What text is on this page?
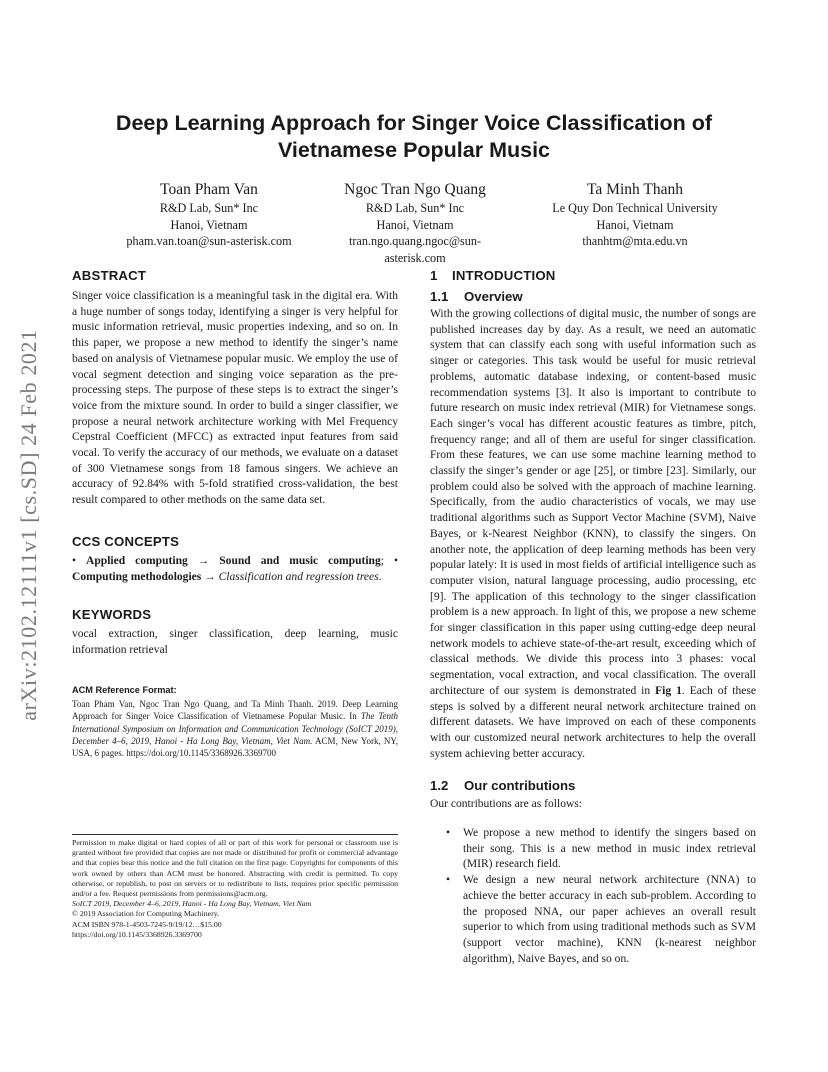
arXiv:2102.12111v1 [cs.SD] 24 Feb 2021
Deep Learning Approach for Singer Voice Classification of
Vietnamese Popular Music
Toan Pham Van
R&D Lab, Sun* Inc
Hanoi, Vietnam
pham.van.toan@sun-asterisk.com
Ngoc Tran Ngo Quang
R&D Lab, Sun* Inc
Hanoi, Vietnam
tran.ngo.quang.ngoc@sun-
asterisk.com
Ta Minh Thanh
Le Quy Don Technical University
Hanoi, Vietnam
thanhtm@mta.edu.vn
ABSTRACT
Singer voice classification is a meaningful task in the digital era. With a huge number of songs today, identifying a singer is very helpful for music information retrieval, music properties indexing, and so on. In this paper, we propose a new method to identify the singer’s name based on analysis of Vietnamese popular music. We employ the use of vocal segment detection and singing voice separation as the pre-processing steps. The purpose of these steps is to extract the singer’s voice from the mixture sound. In order to build a singer classifier, we propose a neural network architecture working with Mel Frequency Cepstral Coefficient (MFCC) as extracted input features from said vocal. To verify the accuracy of our methods, we evaluate on a dataset of 300 Vietnamese songs from 18 famous singers. We achieve an accuracy of 92.84% with 5-fold stratified cross-validation, the best result compared to other methods on the same data set.
CCS CONCEPTS
• Applied computing → Sound and music computing; • Computing methodologies → Classification and regression trees.
KEYWORDS
vocal extraction, singer classification, deep learning, music information retrieval
ACM Reference Format:
Toan Pham Van, Ngoc Tran Ngo Quang, and Ta Minh Thanh. 2019. Deep Learning Approach for Singer Voice Classification of Vietnamese Popular Music. In The Tenth International Symposium on Information and Communication Technology (SoICT 2019), December 4–6, 2019, Hanoi - Ha Long Bay, Vietnam, Viet Nam. ACM, New York, NY, USA, 6 pages. https://doi.org/10.1145/3368926.3369700
Permission to make digital or hard copies of all or part of this work for personal or classroom use is granted without fee provided that copies are not made or distributed for profit or commercial advantage and that copies bear this notice and the full citation on the first page. Copyrights for components of this work owned by others than ACM must be honored. Abstracting with credit is permitted. To copy otherwise, or republish, to post on servers or to redistribute to lists, requires prior specific permission and/or a fee. Request permissions from permissions@acm.org.
SoICT 2019, December 4–6, 2019, Hanoi - Ha Long Bay, Vietnam, Viet Nam
© 2019 Association for Computing Machinery.
ACM ISBN 978-1-4503-7245-9/19/12…$15.00
https://doi.org/10.1145/3368926.3369700
1 INTRODUCTION
1.1 Overview
With the growing collections of digital music, the number of songs are published increases day by day. As a result, we need an automatic system that can classify each song with useful information such as singer or categories. This task would be useful for music retrieval problems, automatic database indexing, or content-based music recommendation systems [3]. It also is important to contribute to future research on music index retrieval (MIR) for Vietnamese songs. Each singer’s vocal has different acoustic features as timbre, pitch, frequency range; and all of them are useful for singer classification. From these features, we can use some machine learning method to classify the singer’s gender or age [25], or timbre [23]. Similarly, our problem could also be solved with the approach of machine learning. Specifically, from the audio characteristics of vocals, we may use traditional algorithms such as Support Vector Machine (SVM), Naive Bayes, or k-Nearest Neighbor (KNN), to classify the singers. On another note, the application of deep learning methods has been very popular lately: It is used in most fields of artificial intelligence such as computer vision, natural language processing, audio processing, etc [9]. The application of this technology to the singer classification problem is a new approach. In light of this, we propose a new scheme for singer classification in this paper using cutting-edge deep neural network models to achieve state-of-the-art result, exceeding which of classical methods. We divide this process into 3 phases: vocal segmentation, vocal extraction, and vocal classification. The overall architecture of our system is demonstrated in Fig 1. Each of these steps is solved by a different neural network architecture trained on different datasets. We have improved on each of these components with our customized neural network architectures to help the overall system achieving better accuracy.
1.2 Our contributions
Our contributions are as follows:
• We propose a new method to identify the singers based on their song. This is a new method in music index retrieval (MIR) research field.
• We design a new neural network architecture (NNA) to achieve the better accuracy in each sub-problem. According to the proposed NNA, our paper achieves an overall result superior to which from using traditional methods such as SVM (support vector machine), KNN (k-nearest neighbor algorithm), Naive Bayes, and so on.
